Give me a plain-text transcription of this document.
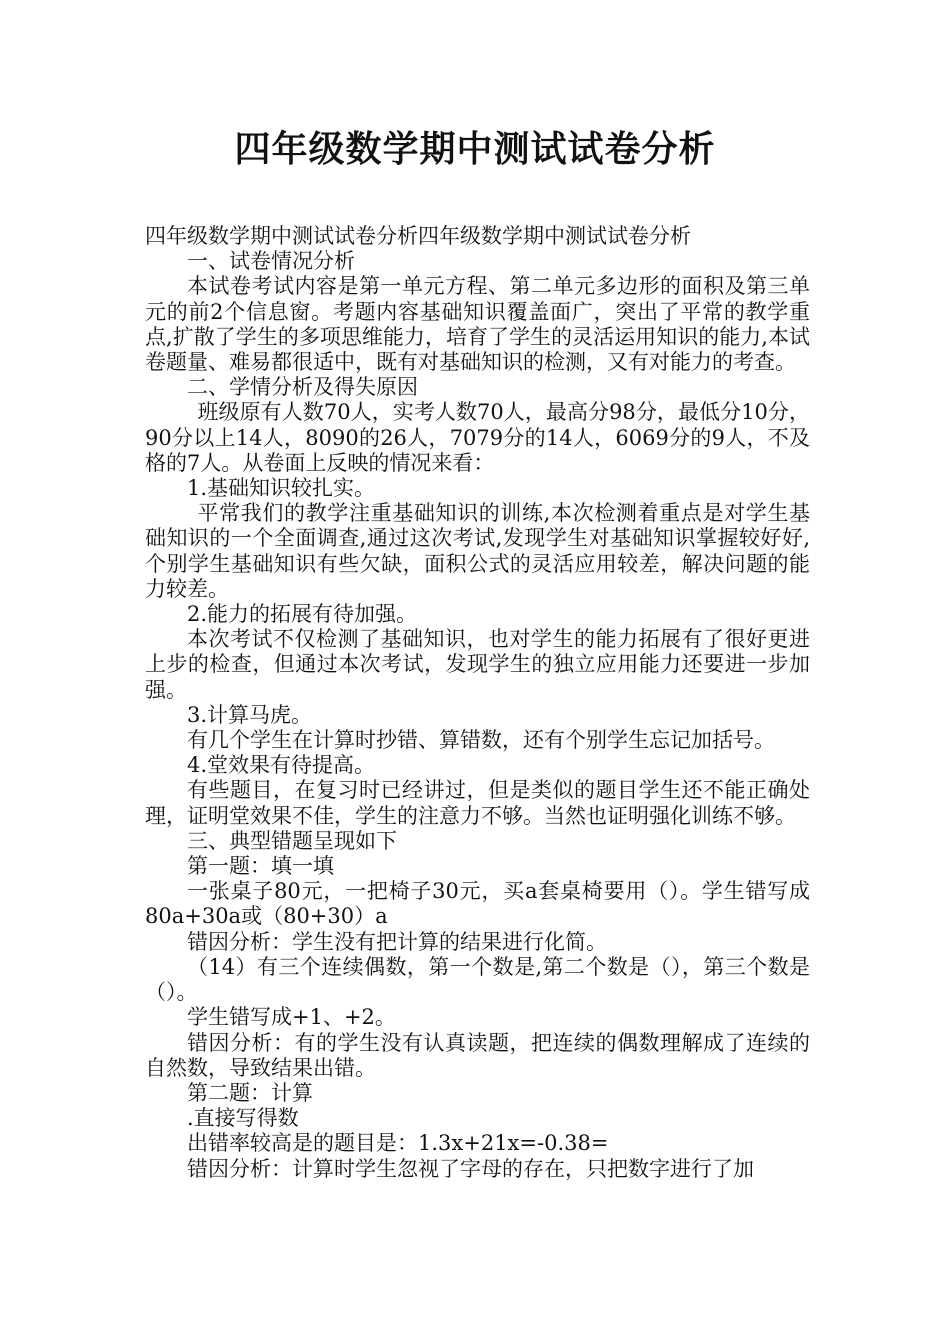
四年级数学期中测试试卷分析

四年级数学期中测试试卷分析四年级数学期中测试试卷分析

一、试卷情况分析

本试卷考试内容是第一单元方程、第二单元多边形的面积及第三单元的前2个信息窗。考题内容基础知识覆盖面广，突出了平常的教学重点,扩散了学生的多项思维能力，培育了学生的灵活运用知识的能力,本试卷题量、难易都很适中，既有对基础知识的检测，又有对能力的考查。

二、学情分析及得失原因

班级原有人数70人，实考人数70人，最高分98分，最低分10分，90分以上14人，8090的26人，7079分的14人，6069分的9人，不及格的7人。从卷面上反映的情况来看：

1.基础知识较扎实。

平常我们的教学注重基础知识的训练,本次检测着重点是对学生基础知识的一个全面调查,通过这次考试,发现学生对基础知识掌握较好好,个别学生基础知识有些欠缺，面积公式的灵活应用较差，解决问题的能力较差。

2.能力的拓展有待加强。

本次考试不仅检测了基础知识，也对学生的能力拓展有了很好更进上步的检查，但通过本次考试，发现学生的独立应用能力还要进一步加强。

3.计算马虎。

有几个学生在计算时抄错、算错数，还有个别学生忘记加括号。

4.堂效果有待提高。

有些题目，在复习时已经讲过，但是类似的题目学生还不能正确处理，证明堂效果不佳，学生的注意力不够。当然也证明强化训练不够。

三、典型错题呈现如下

第一题：填一填

一张桌子80元，一把椅子30元，买a套桌椅要用（）。学生错写成80a+30a或（80+30）a

错因分析：学生没有把计算的结果进行化简。

（14）有三个连续偶数，第一个数是,第二个数是（），第三个数是（）。

学生错写成+1、+2。

错因分析：有的学生没有认真读题，把连续的偶数理解成了连续的自然数，导致结果出错。

第二题：计算

.直接写得数

出错率较高是的题目是：1.3x+21x=-0.38=

错因分析：计算时学生忽视了字母的存在，只把数字进行了加
